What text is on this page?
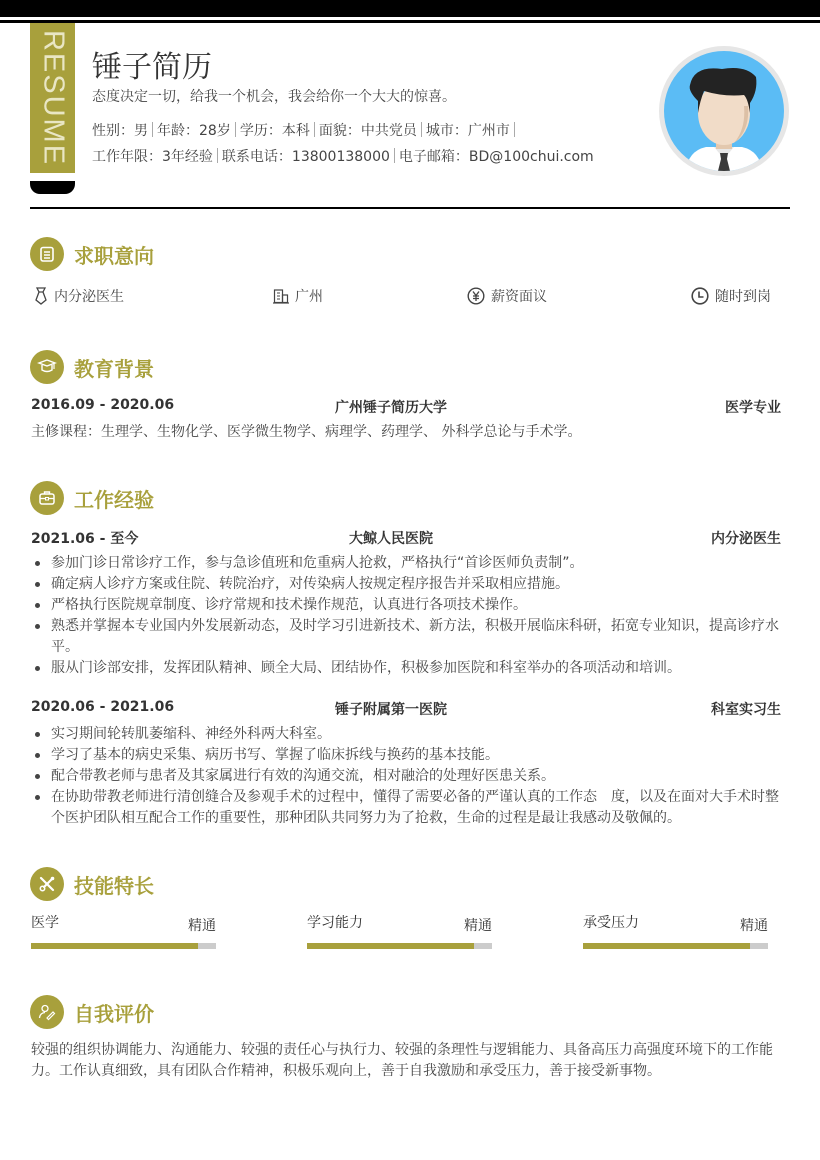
RESUME 锤子简历
态度决定一切，给我一个机会，我会给你一个大大的惊喜。
性别：男 年龄：28岁 学历：本科 面貌：中共党员 城市：广州市
工作年限：3年经验 联系电话：13800138000 电子邮箱：BD@100chui.com
求职意向
内分泌医生	广州	薪资面议	随时到岗
教育背景
2016.09 - 2020.06	广州锤子简历大学	医学专业
主修课程：生理学、生物化学、医学微生物学、病理学、药理学、 外科学总论与手术学。
工作经验
2021.06 - 至今	大鲸人民医院	内分泌医生
参加门诊日常诊疗工作，参与急诊值班和危重病人抢救，严格执行“首诊医师负责制”。
确定病人诊疗方案或住院、转院治疗，对传染病人按规定程序报告并采取相应措施。
严格执行医院规章制度、诊疗常规和技术操作规范，认真进行各项技术操作。
熟悉并掌握本专业国内外发展新动态，及时学习引进新技术、新方法，积极开展临床科研，拓宽专业知识，提高诊疗水平。
服从门诊部安排，发挥团队精神、顾全大局、团结协作，积极参加医院和科室举办的各项活动和培训。
2020.06 - 2021.06	锤子附属第一医院	科室实习生
实习期间轮转肌萎缩科、神经外科两大科室。
学习了基本的病史采集、病历书写、掌握了临床拆线与换药的基本技能。
配合带教老师与患者及其家属进行有效的沟通交流，相对融洽的处理好医患关系。
在协助带教老师进行清创缝合及参观手术的过程中，懂得了需要必备的严谨认真的工作态　度，以及在面对大手术时整个医护团队相互配合工作的重要性，那种团队共同努力为了抢救，生命的过程是最让我感动及敬佩的。
技能特长
医学	精通	学习能力	精通	承受压力	精通
自我评价
较强的组织协调能力、沟通能力、较强的责任心与执行力、较强的条理性与逻辑能力、具备高压力高强度环境下的工作能力。工作认真细致，具有团队合作精神，积极乐观向上，善于自我激励和承受压力，善于接受新事物。
